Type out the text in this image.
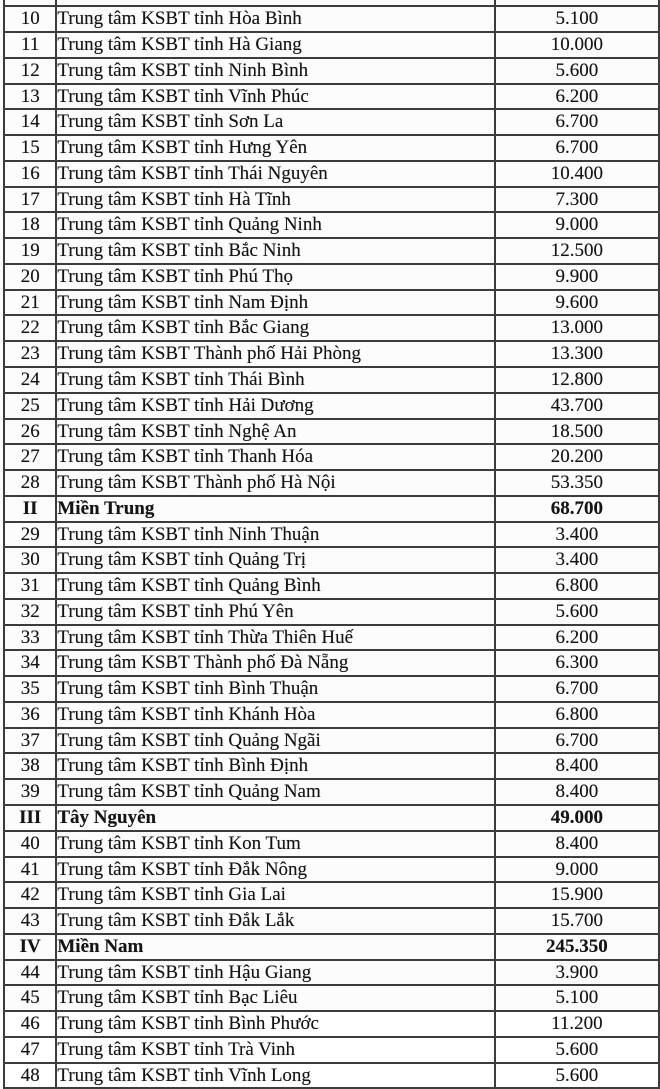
10	Trung tâm KSBT tỉnh Hòa Bình	5.100
11	Trung tâm KSBT tỉnh Hà Giang	10.000
12	Trung tâm KSBT tỉnh Ninh Bình	5.600
13	Trung tâm KSBT tỉnh Vĩnh Phúc	6.200
14	Trung tâm KSBT tỉnh Sơn La	6.700
15	Trung tâm KSBT tỉnh Hưng Yên	6.700
16	Trung tâm KSBT tỉnh Thái Nguyên	10.400
17	Trung tâm KSBT tỉnh Hà Tĩnh	7.300
18	Trung tâm KSBT tỉnh Quảng Ninh	9.000
19	Trung tâm KSBT tỉnh Bắc Ninh	12.500
20	Trung tâm KSBT tỉnh Phú Thọ	9.900
21	Trung tâm KSBT tỉnh Nam Định	9.600
22	Trung tâm KSBT tỉnh Bắc Giang	13.000
23	Trung tâm KSBT Thành phố Hải Phòng	13.300
24	Trung tâm KSBT tỉnh Thái Bình	12.800
25	Trung tâm KSBT tỉnh Hải Dương	43.700
26	Trung tâm KSBT tỉnh Nghệ An	18.500
27	Trung tâm KSBT tỉnh Thanh Hóa	20.200
28	Trung tâm KSBT Thành phố Hà Nội	53.350
II	Miền Trung	68.700
29	Trung tâm KSBT tỉnh Ninh Thuận	3.400
30	Trung tâm KSBT tỉnh Quảng Trị	3.400
31	Trung tâm KSBT tỉnh Quảng Bình	6.800
32	Trung tâm KSBT tỉnh Phú Yên	5.600
33	Trung tâm KSBT tỉnh Thừa Thiên Huế	6.200
34	Trung tâm KSBT Thành phố Đà Nẵng	6.300
35	Trung tâm KSBT tỉnh Bình Thuận	6.700
36	Trung tâm KSBT tỉnh Khánh Hòa	6.800
37	Trung tâm KSBT tỉnh Quảng Ngãi	6.700
38	Trung tâm KSBT tỉnh Bình Định	8.400
39	Trung tâm KSBT tỉnh Quảng Nam	8.400
III	Tây Nguyên	49.000
40	Trung tâm KSBT tỉnh Kon Tum	8.400
41	Trung tâm KSBT tỉnh Đắk Nông	9.000
42	Trung tâm KSBT tỉnh Gia Lai	15.900
43	Trung tâm KSBT tỉnh Đắk Lắk	15.700
IV	Miền Nam	245.350
44	Trung tâm KSBT tỉnh Hậu Giang	3.900
45	Trung tâm KSBT tỉnh Bạc Liêu	5.100
46	Trung tâm KSBT tỉnh Bình Phước	11.200
47	Trung tâm KSBT tỉnh Trà Vinh	5.600
48	Trung tâm KSBT tỉnh Vĩnh Long	5.600
